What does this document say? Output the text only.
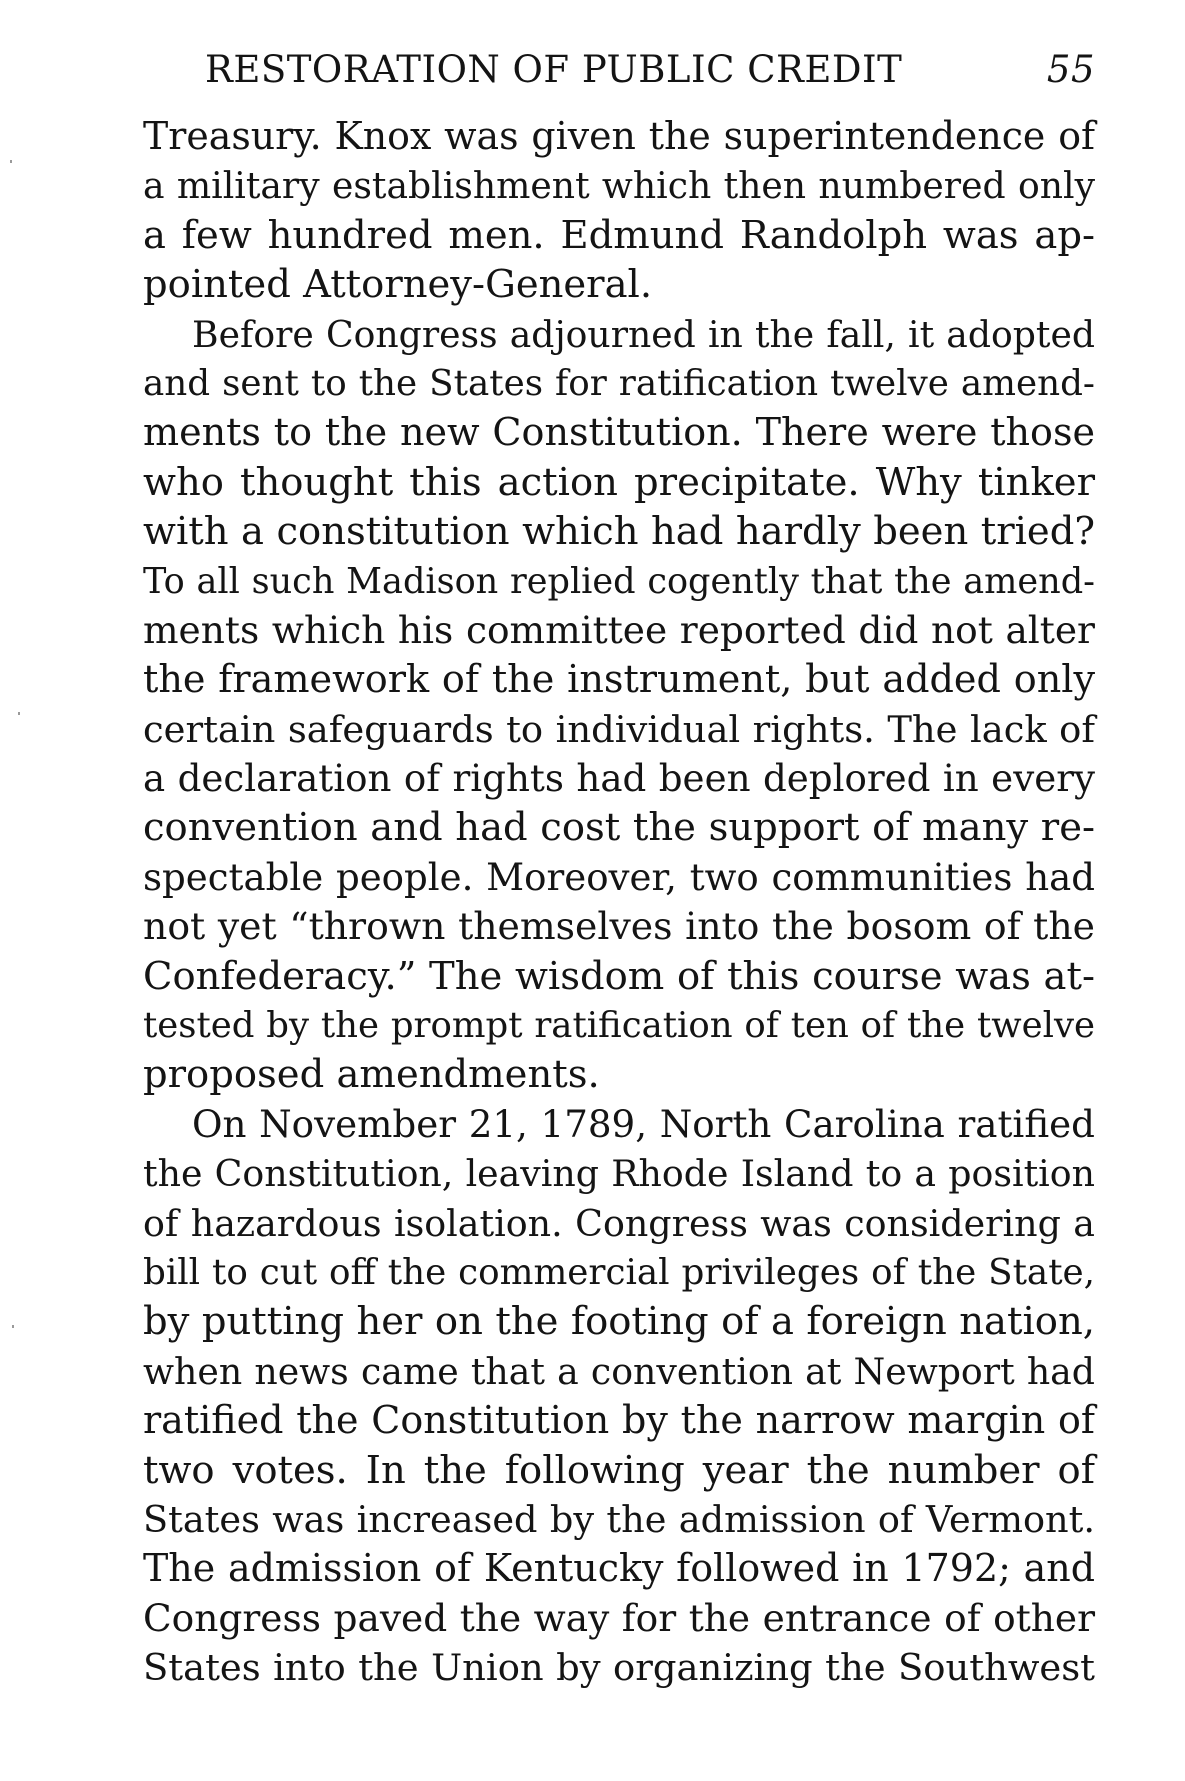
RESTORATION OF PUBLIC CREDIT	55
Treasury. Knox was given the superintendence of
a military establishment which then numbered only
a few hundred men. Edmund Randolph was ap-
pointed Attorney-General.
Before Congress adjourned in the fall, it adopted
and sent to the States for ratification twelve amend-
ments to the new Constitution. There were those
who thought this action precipitate. Why tinker
with a constitution which had hardly been tried?
To all such Madison replied cogently that the amend-
ments which his committee reported did not alter
the framework of the instrument, but added only
certain safeguards to individual rights. The lack of
a declaration of rights had been deplored in every
convention and had cost the support of many re-
spectable people. Moreover, two communities had
not yet “thrown themselves into the bosom of the
Confederacy.” The wisdom of this course was at-
tested by the prompt ratification of ten of the twelve
proposed amendments.
On November 21, 1789, North Carolina ratified
the Constitution, leaving Rhode Island to a position
of hazardous isolation. Congress was considering a
bill to cut off the commercial privileges of the State,
by putting her on the footing of a foreign nation,
when news came that a convention at Newport had
ratified the Constitution by the narrow margin of
two votes. In the following year the number of
States was increased by the admission of Vermont.
The admission of Kentucky followed in 1792; and
Congress paved the way for the entrance of other
States into the Union by organizing the Southwest
